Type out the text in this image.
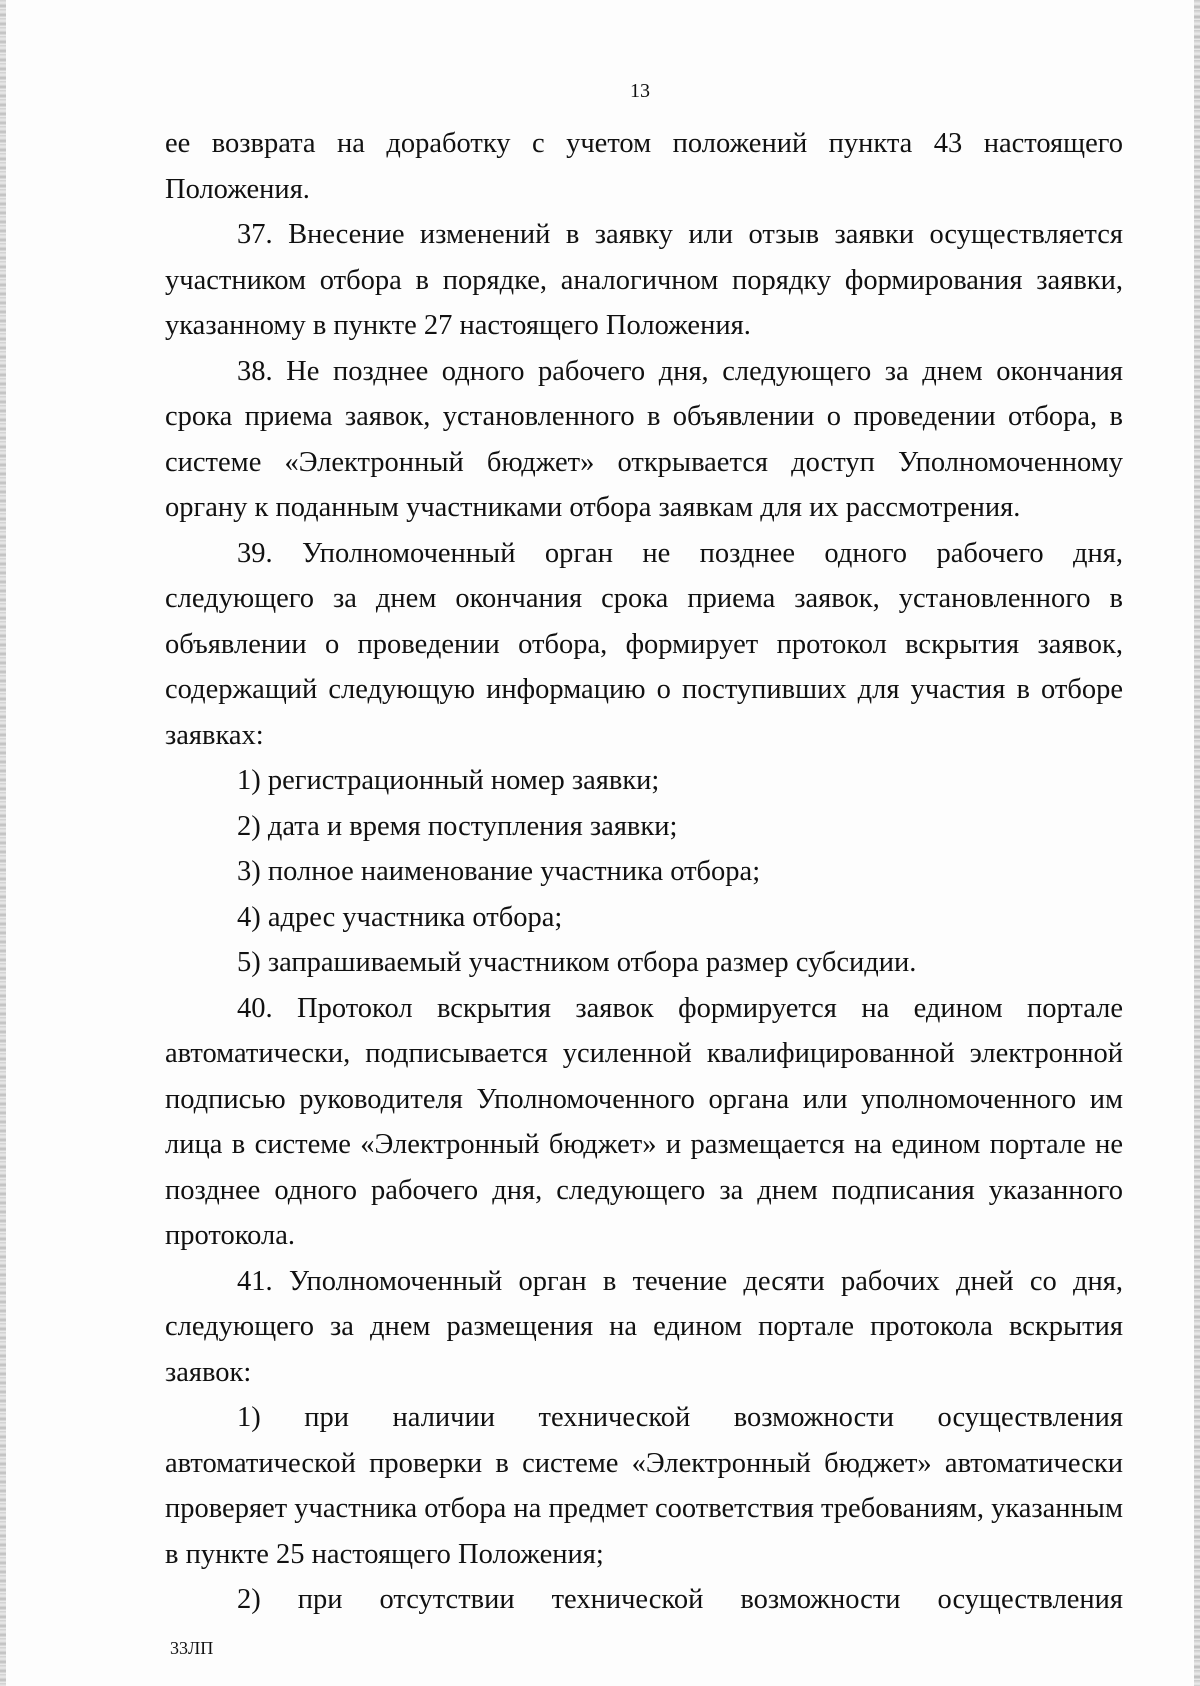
13

ее возврата на доработку с учетом положений пункта 43 настоящего Положения.

37. Внесение изменений в заявку или отзыв заявки осуществляется участником отбора в порядке, аналогичном порядку формирования заявки, указанному в пункте 27 настоящего Положения.

38. Не позднее одного рабочего дня, следующего за днем окончания срока приема заявок, установленного в объявлении о проведении отбора, в системе «Электронный бюджет» открывается доступ Уполномоченному органу к поданным участниками отбора заявкам для их рассмотрения.

39. Уполномоченный орган не позднее одного рабочего дня, следующего за днем окончания срока приема заявок, установленного в объявлении о проведении отбора, формирует протокол вскрытия заявок, содержащий следующую информацию о поступивших для участия в отборе заявках:

1) регистрационный номер заявки;

2) дата и время поступления заявки;

3) полное наименование участника отбора;

4) адрес участника отбора;

5) запрашиваемый участником отбора размер субсидии.

40. Протокол вскрытия заявок формируется на едином портале автоматически, подписывается усиленной квалифицированной электронной подписью руководителя Уполномоченного органа или уполномоченного им лица в системе «Электронный бюджет» и размещается на едином портале не позднее одного рабочего дня, следующего за днем подписания указанного протокола.

41. Уполномоченный орган в течение десяти рабочих дней со дня, следующего за днем размещения на едином портале протокола вскрытия заявок:

1) при наличии технической возможности осуществления автоматической проверки в системе «Электронный бюджет» автоматически проверяет участника отбора на предмет соответствия требованиям, указанным в пункте 25 настоящего Положения;

2) при отсутствии технической возможности осуществления

33ЛП
